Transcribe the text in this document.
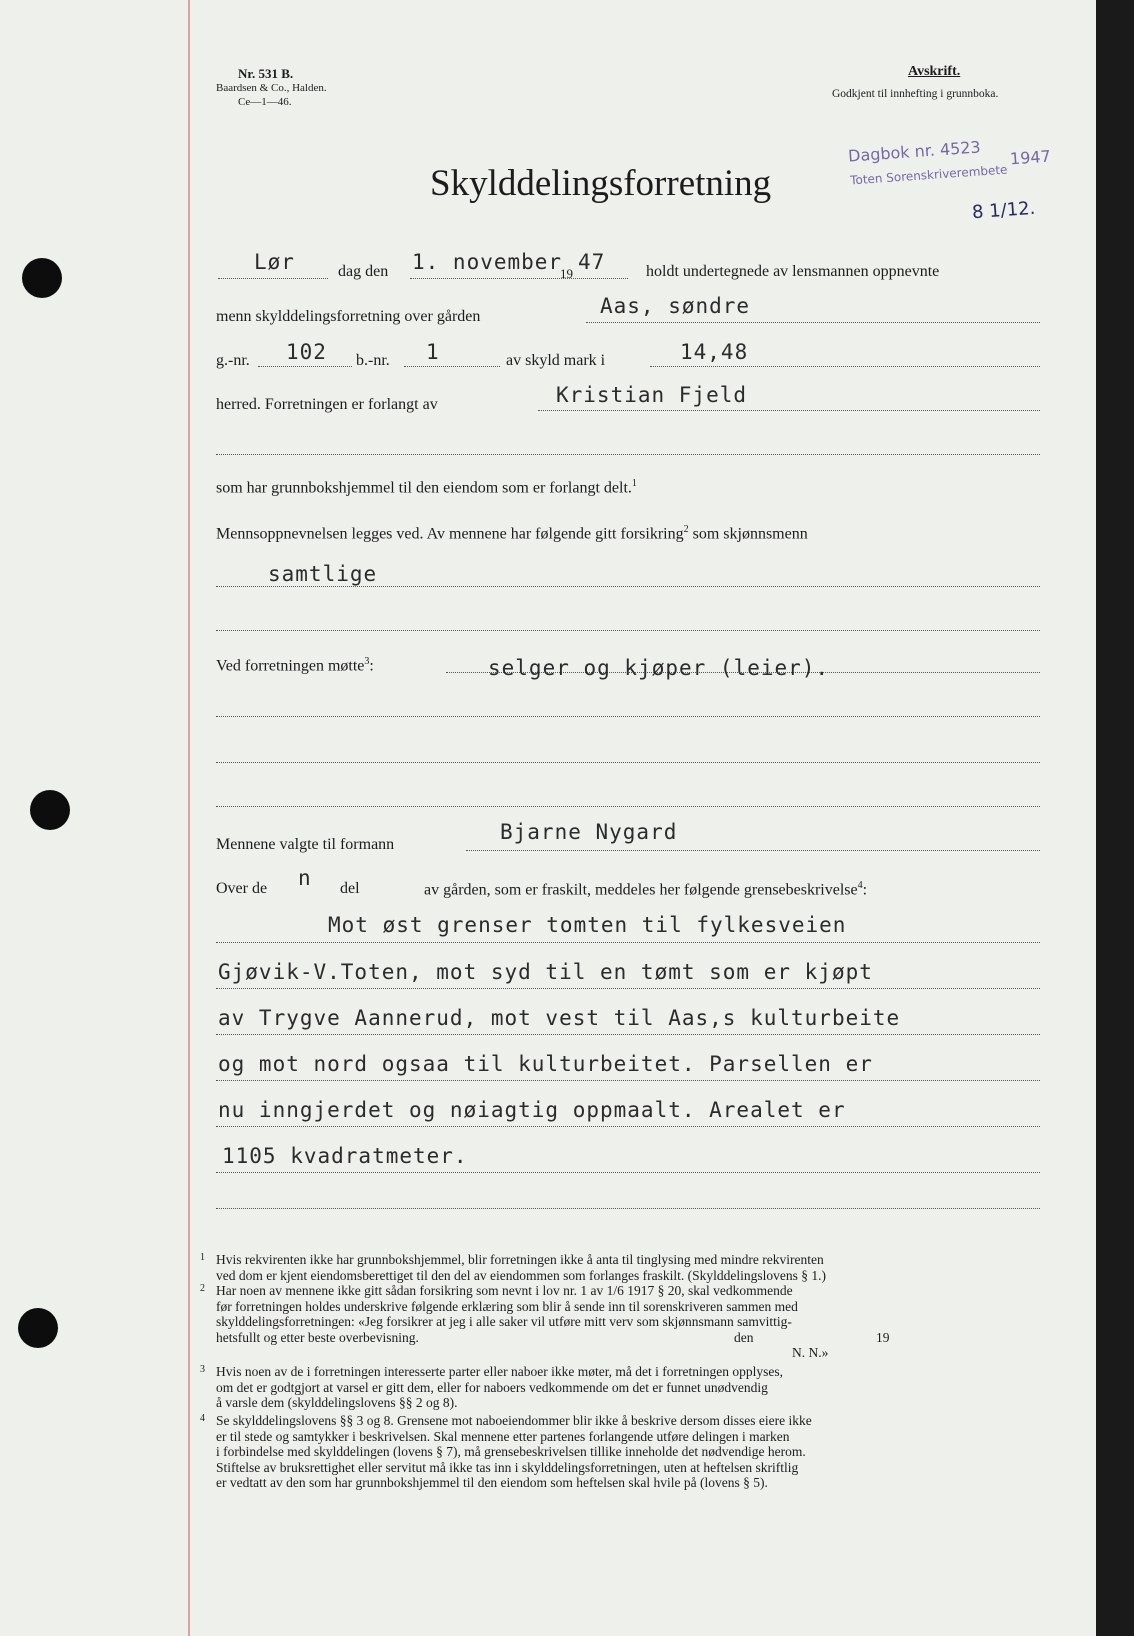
Nr. 531 B.
Baardsen & Co., Halden.
Ce—1—46.
Avskrift.
Godkjent til innhefting i grunnboka.
Dagbok nr. 4523 1947
Toten Sorenskriverembete
8 1/12.
Skylddelingsforretning
Lør	dag den 1. november
19 47	holdt undertegnede av lensmannen oppnevnte
menn skylddelingsforretning over gården	Aas, søndre
g.-nr. 102 b.-nr. 1	av skyld mark i	14,48
herred. Forretningen er forlangt av	Kristian Fjeld
som har grunnbokshjemmel til den eiendom som er forlangt delt.$^1$
Mennsoppnevnelsen legges ved. Av mennene har følgende gitt forsikring$^2$ som skjønnsmenn
samtlige
Ved forretningen møtte$^3$:	selger og kjøper (leier).
Mennene valgte til formann
Bjarne Nygard
Over de n del	av gården, som er fraskilt, meddeles her følgende grensebeskrivelse$^4$:
Mot øst grenser tomten til fylkesveien
Gjøvik-V.Toten, mot syd til en tømt som er kjøpt
av Trygve Aannerud, mot vest til Aas,s kulturbeite
og mot nord ogsaa til kulturbeitet. Parsellen er
nu inngjerdet og nøiagtig oppmaalt. Arealet er
1105 kvadratmeter.
1 Hvis rekvirenten ikke har grunnbokshjemmel, blir forretningen ikke å anta til tinglysing med mindre rekvirenten
ved dom er kjent eiendomsberettiget til den del av eiendommen som forlanges fraskilt. (Skylddelingslovens § 1.)
2 Har noen av mennene ikke gitt sådan forsikring som nevnt i lov nr. 1 av 1/6 1917 § 20, skal vedkommende
før forretningen holdes underskrive følgende erklæring som blir å sende inn til sorenskriveren sammen med
skylddelingsforretningen: «Jeg forsikrer at jeg i alle saker vil utføre mitt verv som skjønnsmann samvittig-
hetsfullt og etter beste overbevisning.	den	19
N. N.»
3 Hvis noen av de i forretningen interesserte parter eller naboer ikke møter, må det i forretningen opplyses,
om det er godtgjort at varsel er gitt dem, eller for naboers vedkommende om det er funnet unødvendig
å varsle dem (skylddelingslovens §§ 2 og 8).
4 Se skylddelingslovens §§ 3 og 8. Grensene mot naboeiendommer blir ikke å beskrive dersom disses eiere ikke
er til stede og samtykker i beskrivelsen. Skal mennene etter partenes forlangende utføre delingen i marken
i forbindelse med skylddelingen (lovens § 7), må grensebeskrivelsen tillike inneholde det nødvendige herom.
Stiftelse av bruksrettighet eller servitut må ikke tas inn i skylddelingsforretningen, uten at heftelsen skriftlig
er vedtatt av den som har grunnbokshjemmel til den eiendom som heftelsen skal hvile på (lovens § 5).
